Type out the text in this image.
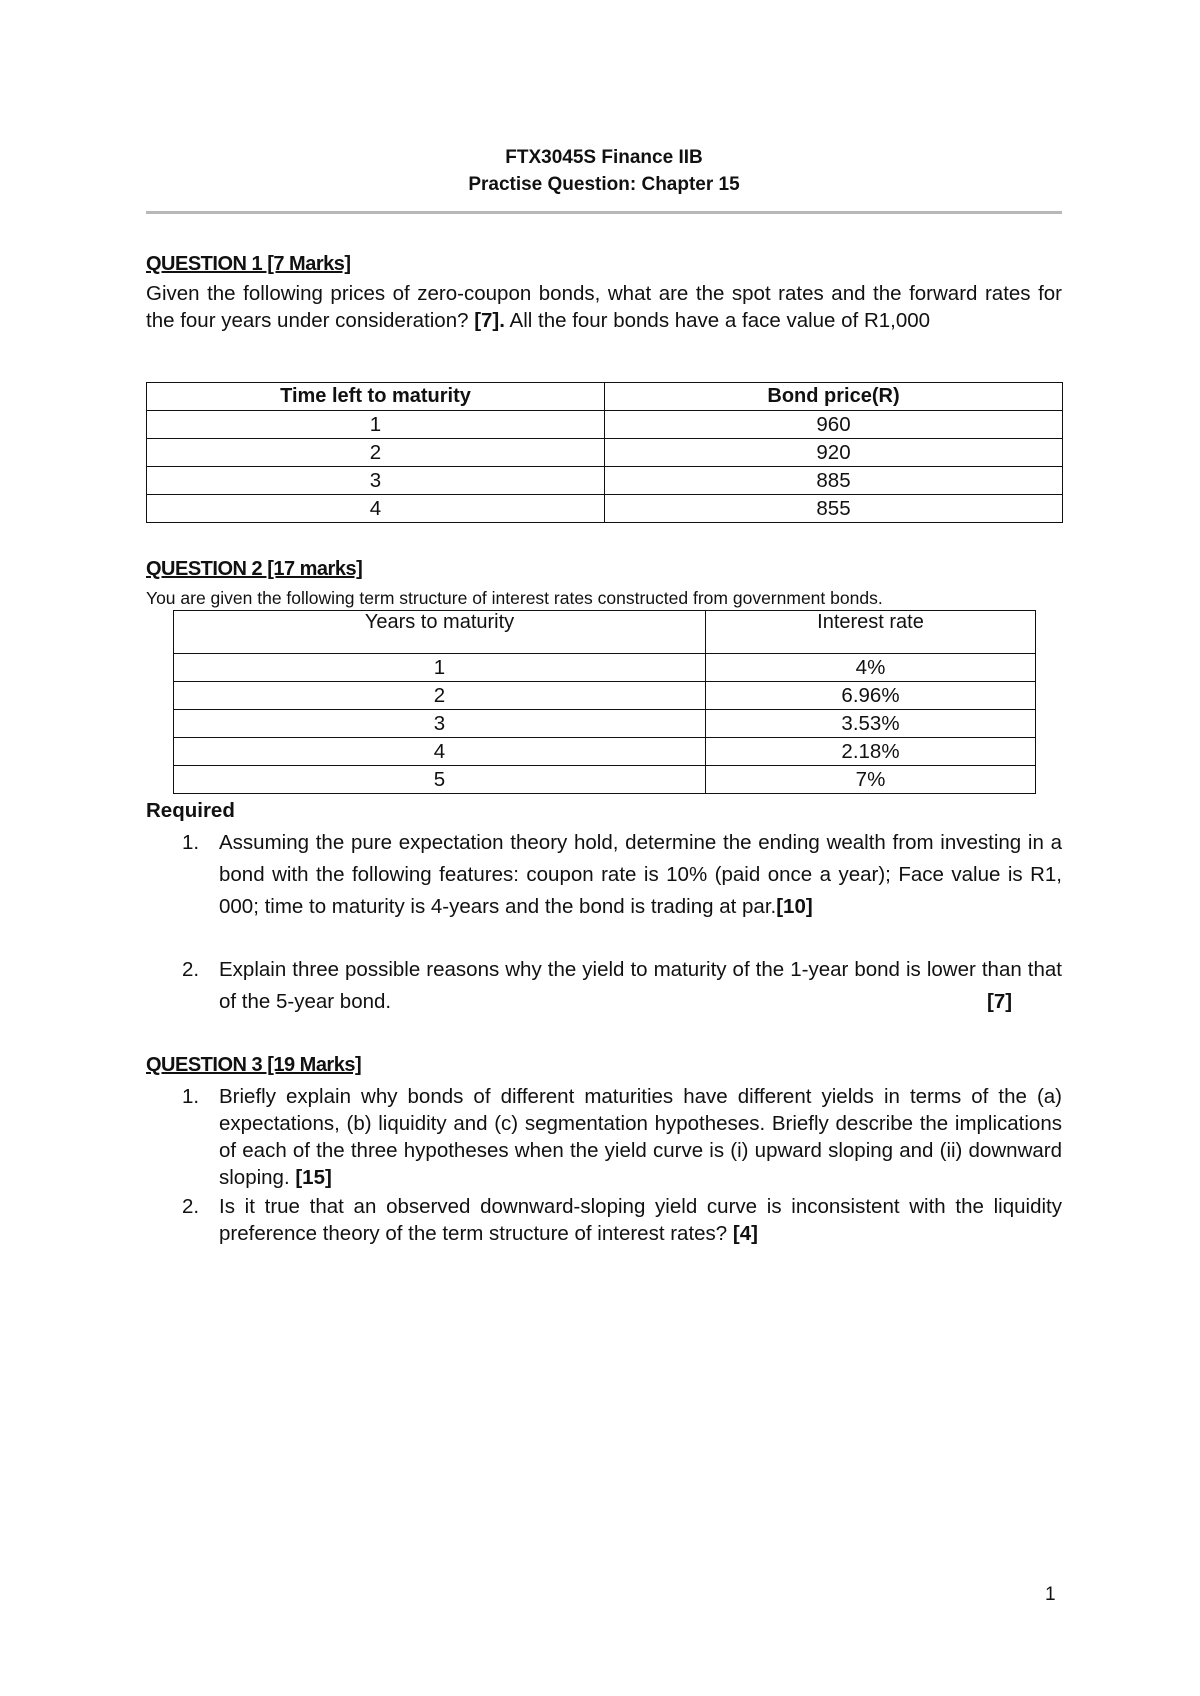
FTX3045S Finance IIB
Practise Question: Chapter 15
QUESTION 1 [7 Marks]
Given the following prices of zero-coupon bonds, what are the spot rates and the forward rates for the four years under consideration? [7]. All the four bonds have a face value of R1,000
Time left to maturity	Bond price(R)
1	960
2	920
3	885
4	855
QUESTION 2 [17 marks]
You are given the following term structure of interest rates constructed from government bonds.
Years to maturity	Interest rate
1	4%
2	6.96%
3	3.53%
4	2.18%
5	7%
Required
1. Assuming the pure expectation theory hold, determine the ending wealth from investing in a bond with the following features: coupon rate is 10% (paid once a year); Face value is R1, 000; time to maturity is 4-years and the bond is trading at par.[10]
2. Explain three possible reasons why the yield to maturity of the 1-year bond is lower than that of the 5-year bond.	[7]
QUESTION 3 [19 Marks]
1. Briefly explain why bonds of different maturities have different yields in terms of the (a) expectations, (b) liquidity and (c) segmentation hypotheses. Briefly describe the implications of each of the three hypotheses when the yield curve is (i) upward sloping and (ii) downward sloping. [15]
2. Is it true that an observed downward-sloping yield curve is inconsistent with the liquidity preference theory of the term structure of interest rates? [4]
1
